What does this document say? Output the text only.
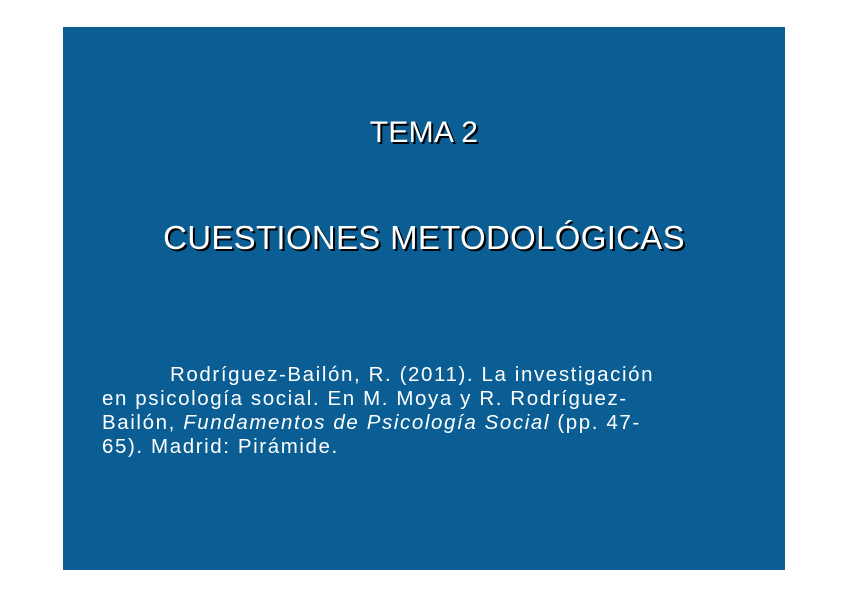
TEMA 2
CUESTIONES METODOLÓGICAS

Rodríguez-Bailón, R. (2011). La investigación
en psicología social. En M. Moya y R. Rodríguez-
Bailón, Fundamentos de Psicología Social (pp. 47-
65). Madrid: Pirámide.
